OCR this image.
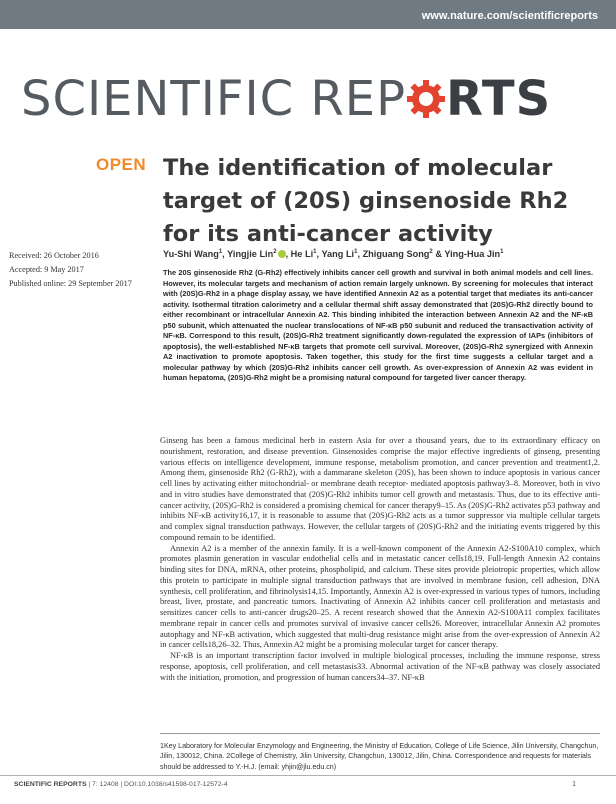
www.nature.com/scientificreports
SCIENTIFIC REP RTS
OPEN The identification of molecular target of (20S) ginsenoside Rh2 for its anti-cancer activity
Received: 26 October 2016
Accepted: 9 May 2017
Published online: 29 September 2017
Yu-Shi Wang$^1$, Yingjie Lin$^2$ , He Li$^1$, Yang Li$^1$, Zhiguang Song$^2$ & Ying-Hua Jin$^1$
The 20S ginsenoside Rh2 (G-Rh2) effectively inhibits cancer cell growth and survival in both animal models and cell lines. However, its molecular targets and mechanism of action remain largely unknown. By screening for molecules that interact with (20S)G-Rh2 in a phage display assay, we have identified Annexin A2 as a potential target that mediates its anti-cancer activity. Isothermal titration calorimetry and a cellular thermal shift assay demonstrated that (20S)G-Rh2 directly bound to either recombinant or intracellular Annexin A2. This binding inhibited the interaction between Annexin A2 and the NF-κB p50 subunit, which attenuated the nuclear translocations of NF-κB p50 subunit and reduced the transactivation activity of NF-κB. Correspond to this result, (20S)G-Rh2 treatment significantly down-regulated the expression of IAPs (inhibitors of apoptosis), the well-established NF-κB targets that promote cell survival. Moreover, (20S)G-Rh2 synergized with Annexin A2 inactivation to promote apoptosis. Taken together, this study for the first time suggests a cellular target and a molecular pathway by which (20S)G-Rh2 inhibits cancer cell growth. As over-expression of Annexin A2 was evident in human hepatoma, (20S)G-Rh2 might be a promising natural compound for targeted liver cancer therapy.

Ginseng has been a famous medicinal herb in eastern Asia for over a thousand years, due to its extraordinary efficacy on nourishment, restoration, and disease prevention. Ginsenosides comprise the major effective ingredients of ginseng, presenting various effects on intelligence development, immune response, metabolism promotion, and cancer prevention and treatment1,2. Among them, ginsenoside Rh2 (G-Rh2), with a dammarane skeleton (20S), has been shown to induce apoptosis in various cancer cell lines by activating either mitochondrial- or membrane death receptor- mediated apoptosis pathway3–8. Moreover, both in vivo and in vitro studies have demonstrated that (20S)G-Rh2 inhibits tumor cell growth and metastasis. Thus, due to its effective anti-cancer activity, (20S)G-Rh2 is considered a promising chemical for cancer therapy9–15. As (20S)G-Rh2 activates p53 pathway and inhibits NF-κB activity16,17, it is reasonable to assume that (20S)G-Rh2 acts as a tumor suppressor via multiple cellular targets and complex signal transduction pathways. However, the cellular targets of (20S)G-Rh2 and the initiating events triggered by this compound remain to be identified.

Annexin A2 is a member of the annexin family. It is a well-known component of the Annexin A2-S100A10 complex, which promotes plasmin generation in vascular endothelial cells and in metastatic cancer cells18,19. Full-length Annexin A2 contains binding sites for DNA, mRNA, other proteins, phospholipid, and calcium. These sites provide pleiotropic properties, which allow this protein to participate in multiple signal transduction pathways that are involved in membrane fusion, cell adhesion, DNA synthesis, cell proliferation, and fibrinolysis14,15. Importantly, Annexin A2 is over-expressed in various types of tumors, including breast, liver, prostate, and pancreatic tumors. Inactivating of Annexin A2 inhibits cancer cell proliferation and metastasis and sensitizes cancer cells to anti-cancer drugs20–25. A recent research showed that the Annexin A2-S100A11 complex facilitates membrane repair in cancer cells and promotes survival of invasive cancer cells26. Moreover, intracellular Annexin A2 promotes autophagy and NF-κB activation, which suggested that multi-drug resistance might arise from the over-expression of Annexin A2 in cancer cells18,26–32. Thus, Annexin A2 might be a promising molecular target for cancer therapy.

NF-κB is an important transcription factor involved in multiple biological processes, including the immune response, stress response, apoptosis, cell proliferation, and cell metastasis33. Abnormal activation of the NF-κB pathway was closely associated with the initiation, promotion, and progression of human cancers34–37. NF-κB

1Key Laboratory for Molecular Enzymology and Engineering, the Ministry of Education, College of Life Science, Jilin University, Changchun, Jilin, 130012, China. 2College of Chemistry, Jilin University, Changchun, 130012, Jilin, China. Correspondence and requests for materials should be addressed to Y.-H.J. (email: yhjin@jlu.edu.cn)
SCIENTIFIC REPORTS | 7: 12408 | DOI:10.1038/s41598-017-12572-4	1
